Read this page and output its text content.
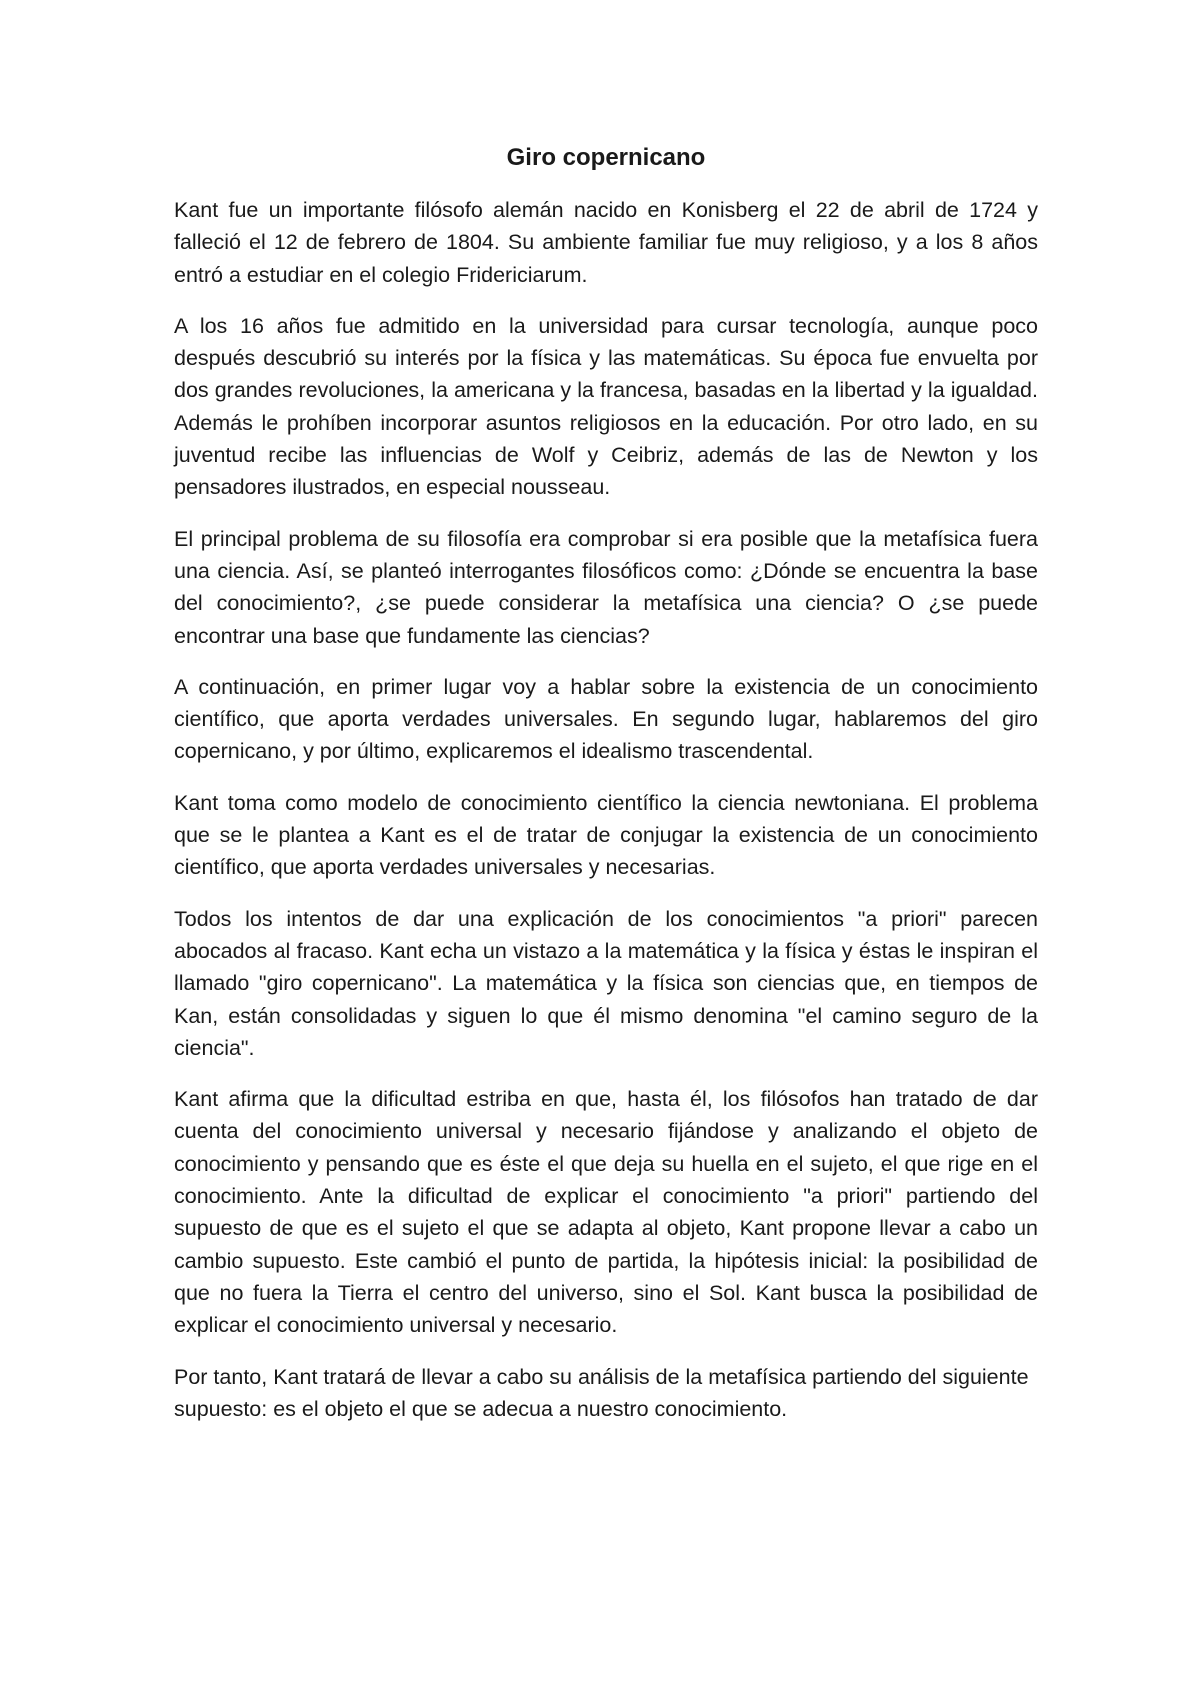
Giro copernicano

Kant fue un importante filósofo alemán nacido en Konisberg el 22 de abril de 1724 y falleció el 12 de febrero de 1804. Su ambiente familiar fue muy religioso, y a los 8 años entró a estudiar en el colegio Fridericiarum.

A los 16 años fue admitido en la universidad para cursar tecnología, aunque poco después descubrió su interés por la física y las matemáticas. Su época fue envuelta por dos grandes revoluciones, la americana y la francesa, basadas en la libertad y la igualdad. Además le prohíben incorporar asuntos religiosos en la educación. Por otro lado, en su juventud recibe las influencias de Wolf y Ceibriz, además de las de Newton y los pensadores ilustrados, en especial nousseau.

El principal problema de su filosofía era comprobar si era posible que la metafísica fuera una ciencia. Así, se planteó interrogantes filosóficos como: ¿Dónde se encuentra la base del conocimiento?, ¿se puede considerar la metafísica una ciencia? O ¿se puede encontrar una base que fundamente las ciencias?

A continuación, en primer lugar voy a hablar sobre la existencia de un conocimiento científico, que aporta verdades universales. En segundo lugar, hablaremos del giro copernicano, y por último, explicaremos el idealismo trascendental.

Kant toma como modelo de conocimiento científico la ciencia newtoniana. El problema que se le plantea a Kant es el de tratar de conjugar la existencia de un conocimiento científico, que aporta verdades universales y necesarias.

Todos los intentos de dar una explicación de los conocimientos "a priori" parecen abocados al fracaso. Kant echa un vistazo a la matemática y la física y éstas le inspiran el llamado "giro copernicano". La matemática y la física son ciencias que, en tiempos de Kan, están consolidadas y siguen lo que él mismo denomina "el camino seguro de la ciencia".

Kant afirma que la dificultad estriba en que, hasta él, los filósofos han tratado de dar cuenta del conocimiento universal y necesario fijándose y analizando el objeto de conocimiento y pensando que es éste el que deja su huella en el sujeto, el que rige en el conocimiento. Ante la dificultad de explicar el conocimiento "a priori" partiendo del supuesto de que es el sujeto el que se adapta al objeto, Kant propone llevar a cabo un cambio supuesto. Este cambió el punto de partida, la hipótesis inicial: la posibilidad de que no fuera la Tierra el centro del universo, sino el Sol. Kant busca la posibilidad de explicar el conocimiento universal y necesario.

Por tanto, Kant tratará de llevar a cabo su análisis de la metafísica partiendo del siguiente supuesto: es el objeto el que se adecua a nuestro conocimiento.
